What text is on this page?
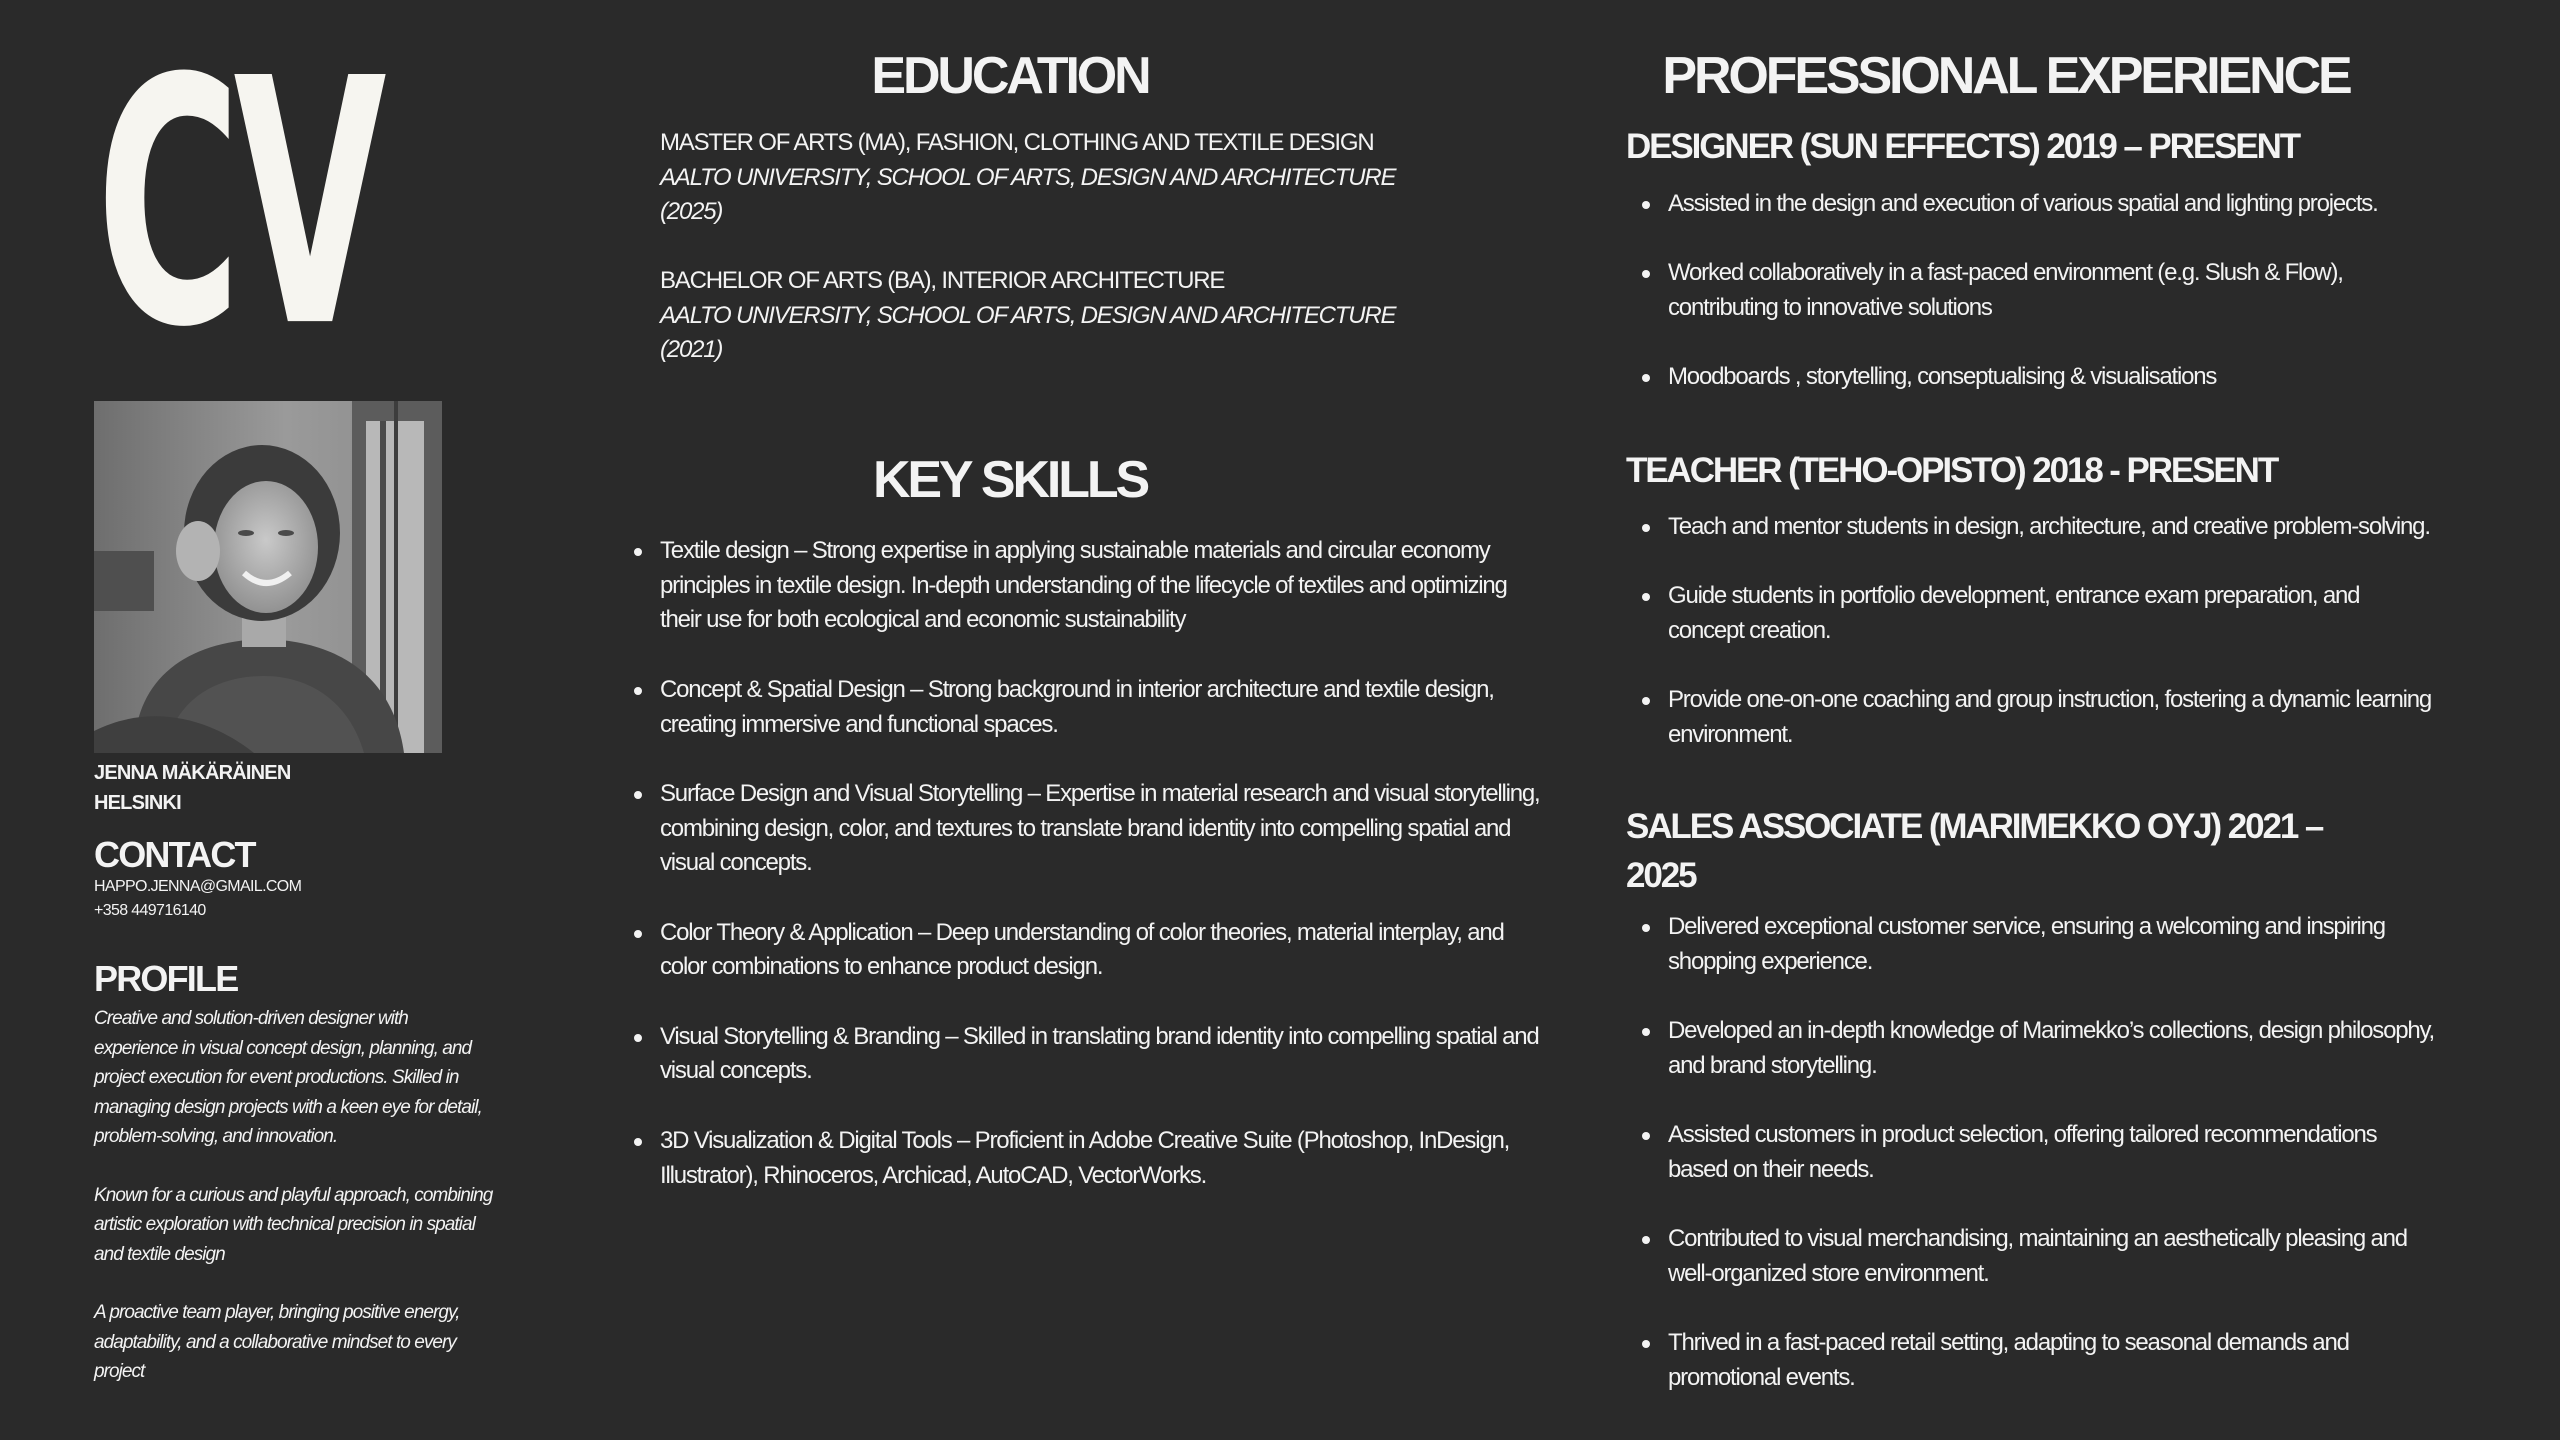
CV
JENNA MÄKÄRÄINEN
HELSINKI
CONTACT
HAPPO.JENNA@GMAIL.COM
+358 449716140
PROFILE

Creative and solution-driven designer with experience in visual concept design, planning, and project execution for event productions. Skilled in managing design projects with a keen eye for detail, problem-solving, and innovation.

Known for a curious and playful approach, combining artistic exploration with technical precision in spatial and textile design

A proactive team player, bringing positive energy, adaptability, and a collaborative mindset to every project

EDUCATION
MASTER OF ARTS (MA), FASHION, CLOTHING AND TEXTILE DESIGN
AALTO UNIVERSITY, SCHOOL OF ARTS, DESIGN AND ARCHITECTURE
(2025)
BACHELOR OF ARTS (BA), INTERIOR ARCHITECTURE
AALTO UNIVERSITY, SCHOOL OF ARTS, DESIGN AND ARCHITECTURE
(2021)
KEY SKILLS
Textile design – Strong expertise in applying sustainable materials and circular economy principles in textile design. In-depth understanding of the lifecycle of textiles and optimizing their use for both ecological and economic sustainability
Concept & Spatial Design – Strong background in interior architecture and textile design, creating immersive and functional spaces.
Surface Design and Visual Storytelling – Expertise in material research and visual storytelling, combining design, color, and textures to translate brand identity into compelling spatial and visual concepts.
Color Theory & Application – Deep understanding of color theories, material interplay, and color combinations to enhance product design.
Visual Storytelling & Branding – Skilled in translating brand identity into compelling spatial and visual concepts.
3D Visualization & Digital Tools – Proficient in Adobe Creative Suite (Photoshop, InDesign, Illustrator), Rhinoceros, Archicad, AutoCAD, VectorWorks.
PROFESSIONAL EXPERIENCE
DESIGNER (SUN EFFECTS) 2019 – PRESENT
Assisted in the design and execution of various spatial and lighting projects.
Worked collaboratively in a fast-paced environment (e.g. Slush & Flow), contributing to innovative solutions
Moodboards , storytelling, conseptualising & visualisations
TEACHER (TEHO-OPISTO) 2018 - PRESENT
Teach and mentor students in design, architecture, and creative problem-solving.
Guide students in portfolio development, entrance exam preparation, and concept creation.
Provide one-on-one coaching and group instruction, fostering a dynamic learning environment.
SALES ASSOCIATE (MARIMEKKO OYJ) 2021 – 2025
Delivered exceptional customer service, ensuring a welcoming and inspiring shopping experience.
Developed an in-depth knowledge of Marimekko’s collections, design philosophy, and brand storytelling.
Assisted customers in product selection, offering tailored recommendations based on their needs.
Contributed to visual merchandising, maintaining an aesthetically pleasing and well-organized store environment.
Thrived in a fast-paced retail setting, adapting to seasonal demands and promotional events.
